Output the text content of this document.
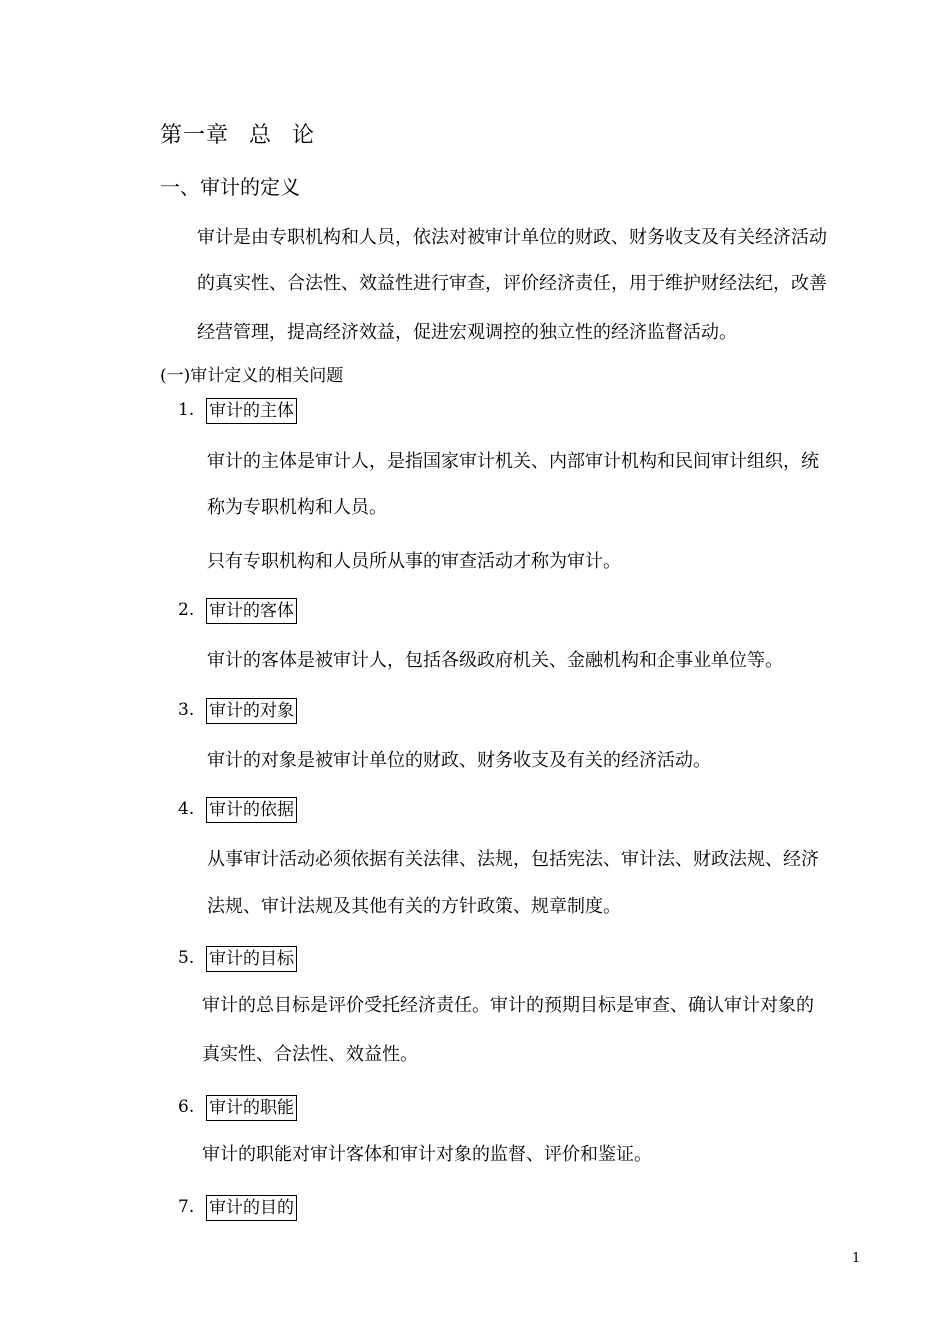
第一章 总 论
一、审计的定义
审计是由专职机构和人员，依法对被审计单位的财政、财务收支及有关经济活动
的真实性、合法性、效益性进行审查，评价经济责任，用于维护财经法纪，改善
经营管理，提高经济效益，促进宏观调控的独立性的经济监督活动。
(一)审计定义的相关问题
1. 审计的主体
审计的主体是审计人，是指国家审计机关、内部审计机构和民间审计组织，统
称为专职机构和人员。
只有专职机构和人员所从事的审查活动才称为审计。
2. 审计的客体
审计的客体是被审计人，包括各级政府机关、金融机构和企事业单位等。
3. 审计的对象
审计的对象是被审计单位的财政、财务收支及有关的经济活动。
4. 审计的依据
从事审计活动必须依据有关法律、法规，包括宪法、审计法、财政法规、经济
法规、审计法规及其他有关的方针政策、规章制度。
5. 审计的目标
审计的总目标是评价受托经济责任。审计的预期目标是审查、确认审计对象的
真实性、合法性、效益性。
6. 审计的职能
审计的职能对审计客体和审计对象的监督、评价和鉴证。
7. 审计的目的
1
